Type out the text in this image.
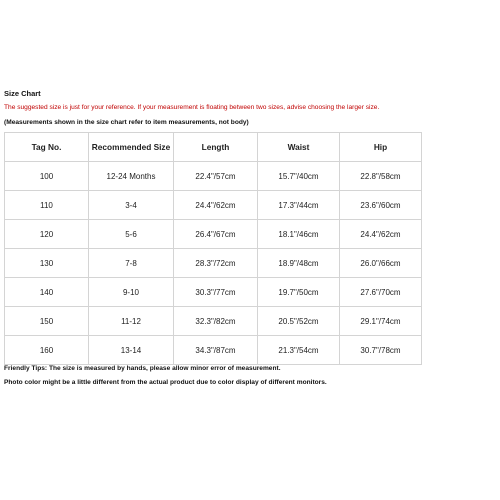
Size Chart
The suggested size is just for your reference. If your measurement is floating between two sizes, advise choosing the larger size.
(Measurements shown in the size chart refer to item measurements, not body)
Tag No.	Recommended Size	Length	Waist	Hip
100	12-24 Months	22.4"/57cm	15.7"/40cm	22.8"/58cm
110	3-4	24.4"/62cm	17.3"/44cm	23.6"/60cm
120	5-6	26.4"/67cm	18.1"/46cm	24.4"/62cm
130	7-8	28.3"/72cm	18.9"/48cm	26.0"/66cm
140	9-10	30.3"/77cm	19.7"/50cm	27.6"/70cm
150	11-12	32.3"/82cm	20.5"/52cm	29.1"/74cm
160	13-14	34.3"/87cm	21.3"/54cm	30.7"/78cm
Friendly Tips: The size is measured by hands, please allow minor error of measurement.
Photo color might be a little different from the actual product due to color display of different monitors.
